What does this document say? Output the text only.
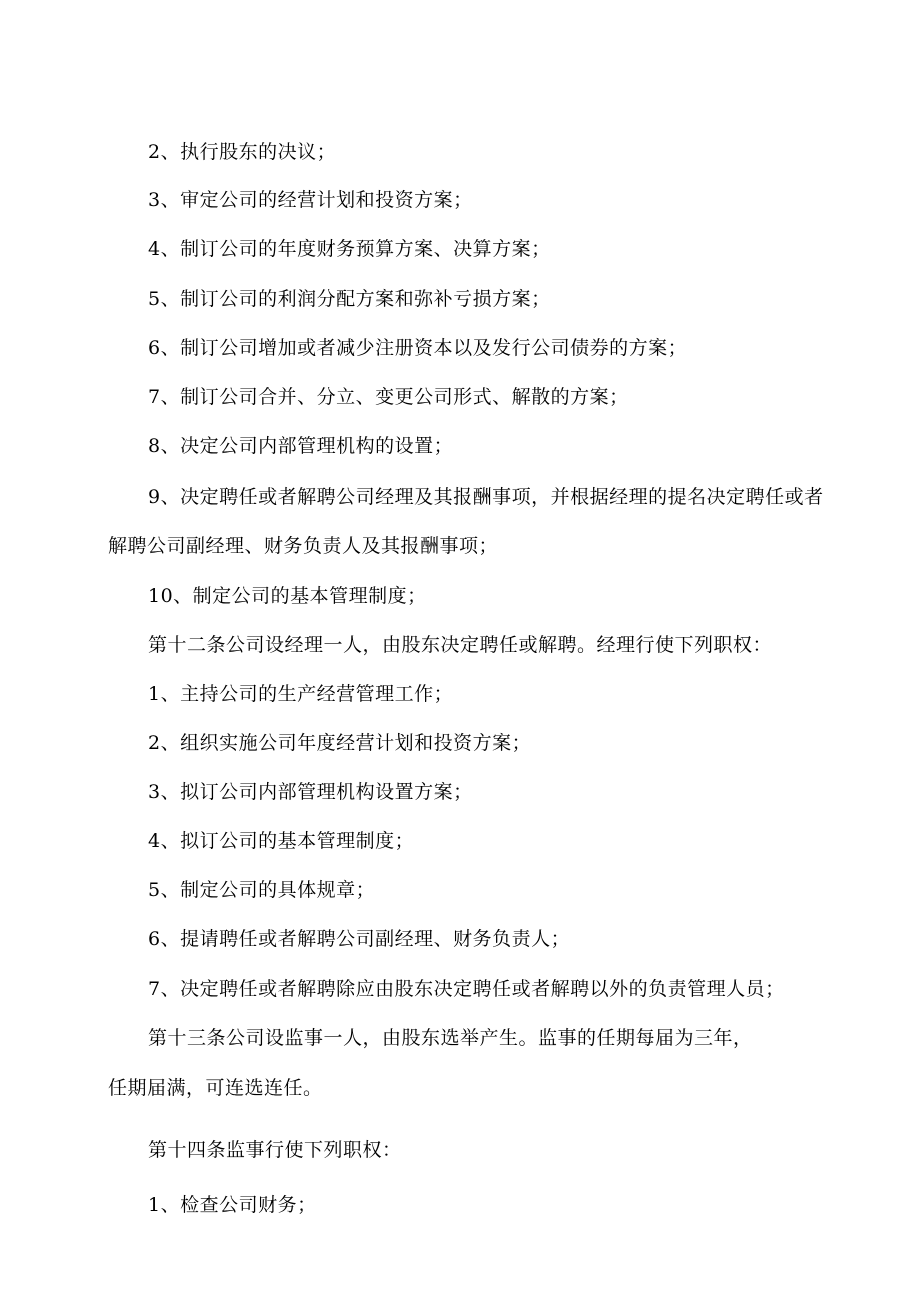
2、执行股东的决议；
3、审定公司的经营计划和投资方案；
4、制订公司的年度财务预算方案、决算方案；
5、制订公司的利润分配方案和弥补亏损方案；
6、制订公司增加或者减少注册资本以及发行公司债券的方案；
7、制订公司合并、分立、变更公司形式、解散的方案；
8、决定公司内部管理机构的设置；
9、决定聘任或者解聘公司经理及其报酬事项，并根据经理的提名决定聘任或者
解聘公司副经理、财务负责人及其报酬事项；
10、制定公司的基本管理制度；
第十二条公司设经理一人，由股东决定聘任或解聘。经理行使下列职权：
1、主持公司的生产经营管理工作；
2、组织实施公司年度经营计划和投资方案；
3、拟订公司内部管理机构设置方案；
4、拟订公司的基本管理制度；
5、制定公司的具体规章；
6、提请聘任或者解聘公司副经理、财务负责人；
7、决定聘任或者解聘除应由股东决定聘任或者解聘以外的负责管理人员；
第十三条公司设监事一人，由股东选举产生。监事的任期每届为三年，
任期届满，可连选连任。
第十四条监事行使下列职权：
1、检查公司财务；
